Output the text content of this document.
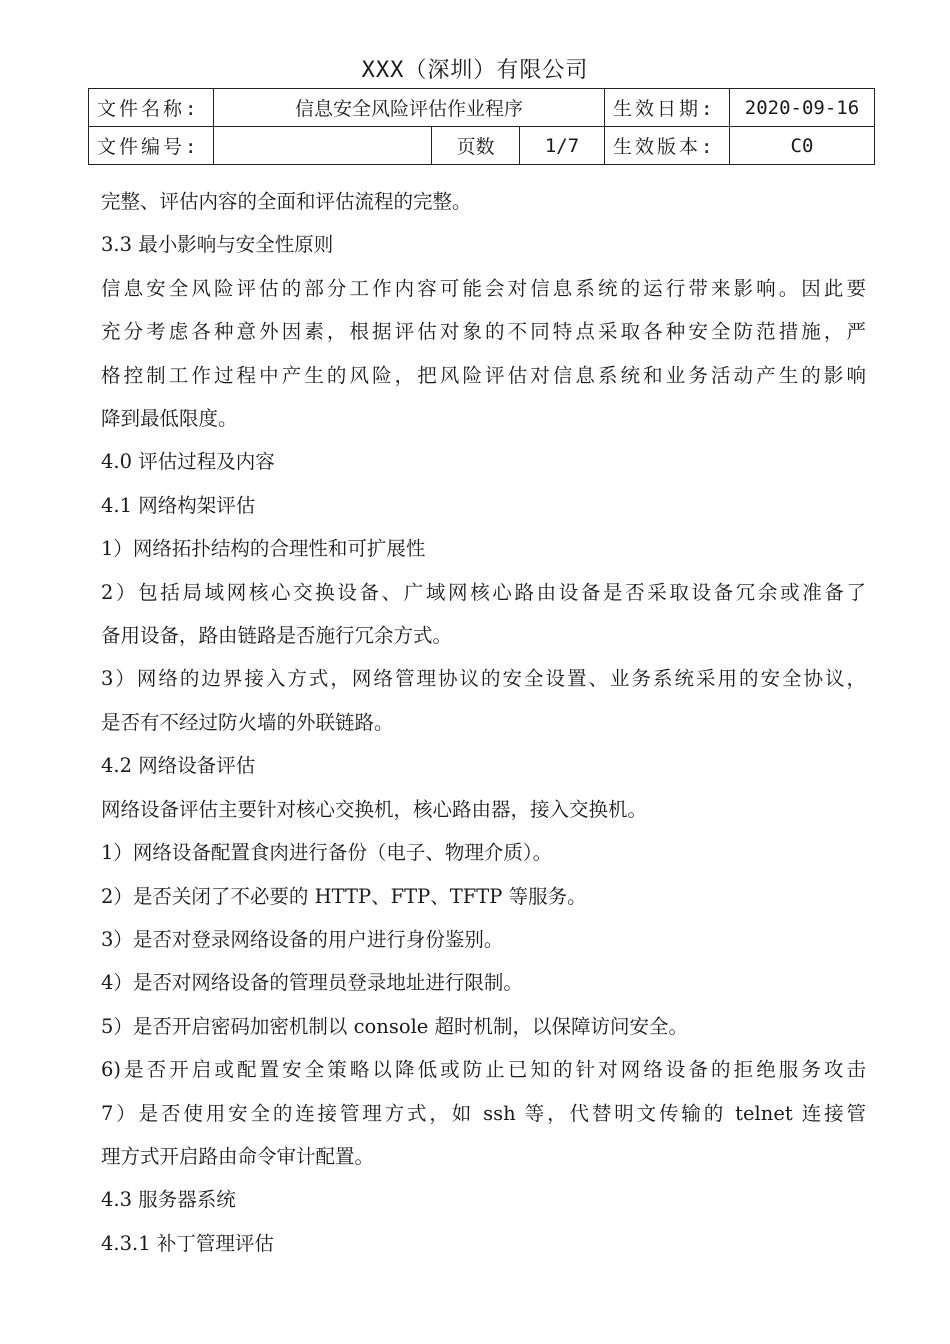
XXX（深圳）有限公司
文件名称:	信息安全风险评估作业程序			生效日期:	2020-09-16
文件编号:		页数	1/7	生效版本:	C0

完整、评估内容的全面和评估流程的完整。

3.3 最小影响与安全性原则

信息安全风险评估的部分工作内容可能会对信息系统的运行带来影响。因此要

充分考虑各种意外因素，根据评估对象的不同特点采取各种安全防范措施，严

格控制工作过程中产生的风险，把风险评估对信息系统和业务活动产生的影响

降到最低限度。

4.0 评估过程及内容

4.1 网络构架评估

1）网络拓扑结构的合理性和可扩展性

2）包括局域网核心交换设备、广域网核心路由设备是否采取设备冗余或准备了

备用设备，路由链路是否施行冗余方式。

3）网络的边界接入方式，网络管理协议的安全设置、业务系统采用的安全协议，

是否有不经过防火墙的外联链路。

4.2 网络设备评估

网络设备评估主要针对核心交换机，核心路由器，接入交换机。

1）网络设备配置食肉进行备份（电子、物理介质）。

2）是否关闭了不必要的 HTTP、FTP、TFTP 等服务。

3）是否对登录网络设备的用户进行身份鉴别。

4）是否对网络设备的管理员登录地址进行限制。

5）是否开启密码加密机制以 console 超时机制，以保障访问安全。

6)是否开启或配置安全策略以降低或防止已知的针对网络设备的拒绝服务攻击

7）是否使用安全的连接管理方式，如 ssh 等，代替明文传输的 telnet 连接管

理方式开启路由命令审计配置。

4.3 服务器系统

4.3.1 补丁管理评估
